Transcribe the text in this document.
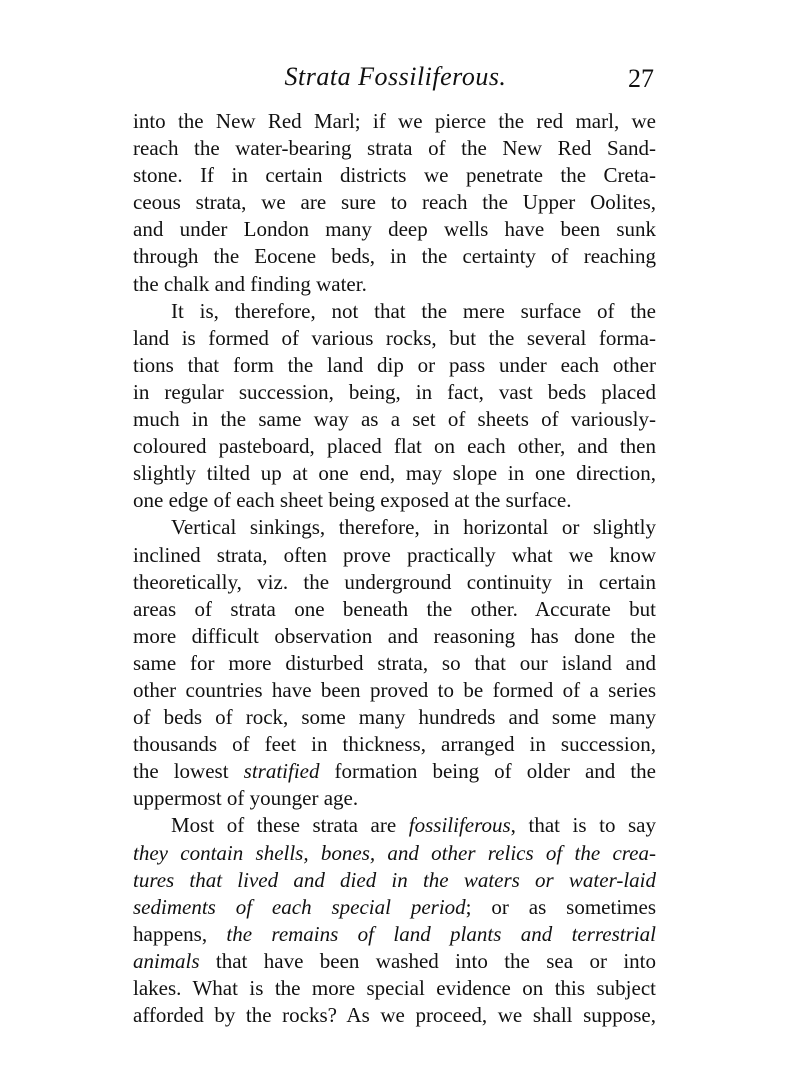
Strata Fossiliferous.	27
into the New Red Marl; if we pierce the red marl, we
reach the water-bearing strata of the New Red Sand-
stone. If in certain districts we penetrate the Creta-
ceous strata, we are sure to reach the Upper Oolites,
and under London many deep wells have been sunk
through the Eocene beds, in the certainty of reaching
the chalk and finding water.
It is, therefore, not that the mere surface of the
land is formed of various rocks, but the several forma-
tions that form the land dip or pass under each other
in regular succession, being, in fact, vast beds placed
much in the same way as a set of sheets of variously-
coloured pasteboard, placed flat on each other, and then
slightly tilted up at one end, may slope in one direction,
one edge of each sheet being exposed at the surface.
Vertical sinkings, therefore, in horizontal or slightly
inclined strata, often prove practically what we know
theoretically, viz. the underground continuity in certain
areas of strata one beneath the other. Accurate but
more difficult observation and reasoning has done the
same for more disturbed strata, so that our island and
other countries have been proved to be formed of a series
of beds of rock, some many hundreds and some many
thousands of feet in thickness, arranged in succession,
the lowest stratified formation being of older and the
uppermost of younger age.
Most of these strata are fossiliferous, that is to say
they contain shells, bones, and other relics of the crea-
tures that lived and died in the waters or water-laid
sediments of each special period; or as sometimes
happens, the remains of land plants and terrestrial
animals that have been washed into the sea or into
lakes. What is the more special evidence on this subject
afforded by the rocks? As we proceed, we shall suppose,
